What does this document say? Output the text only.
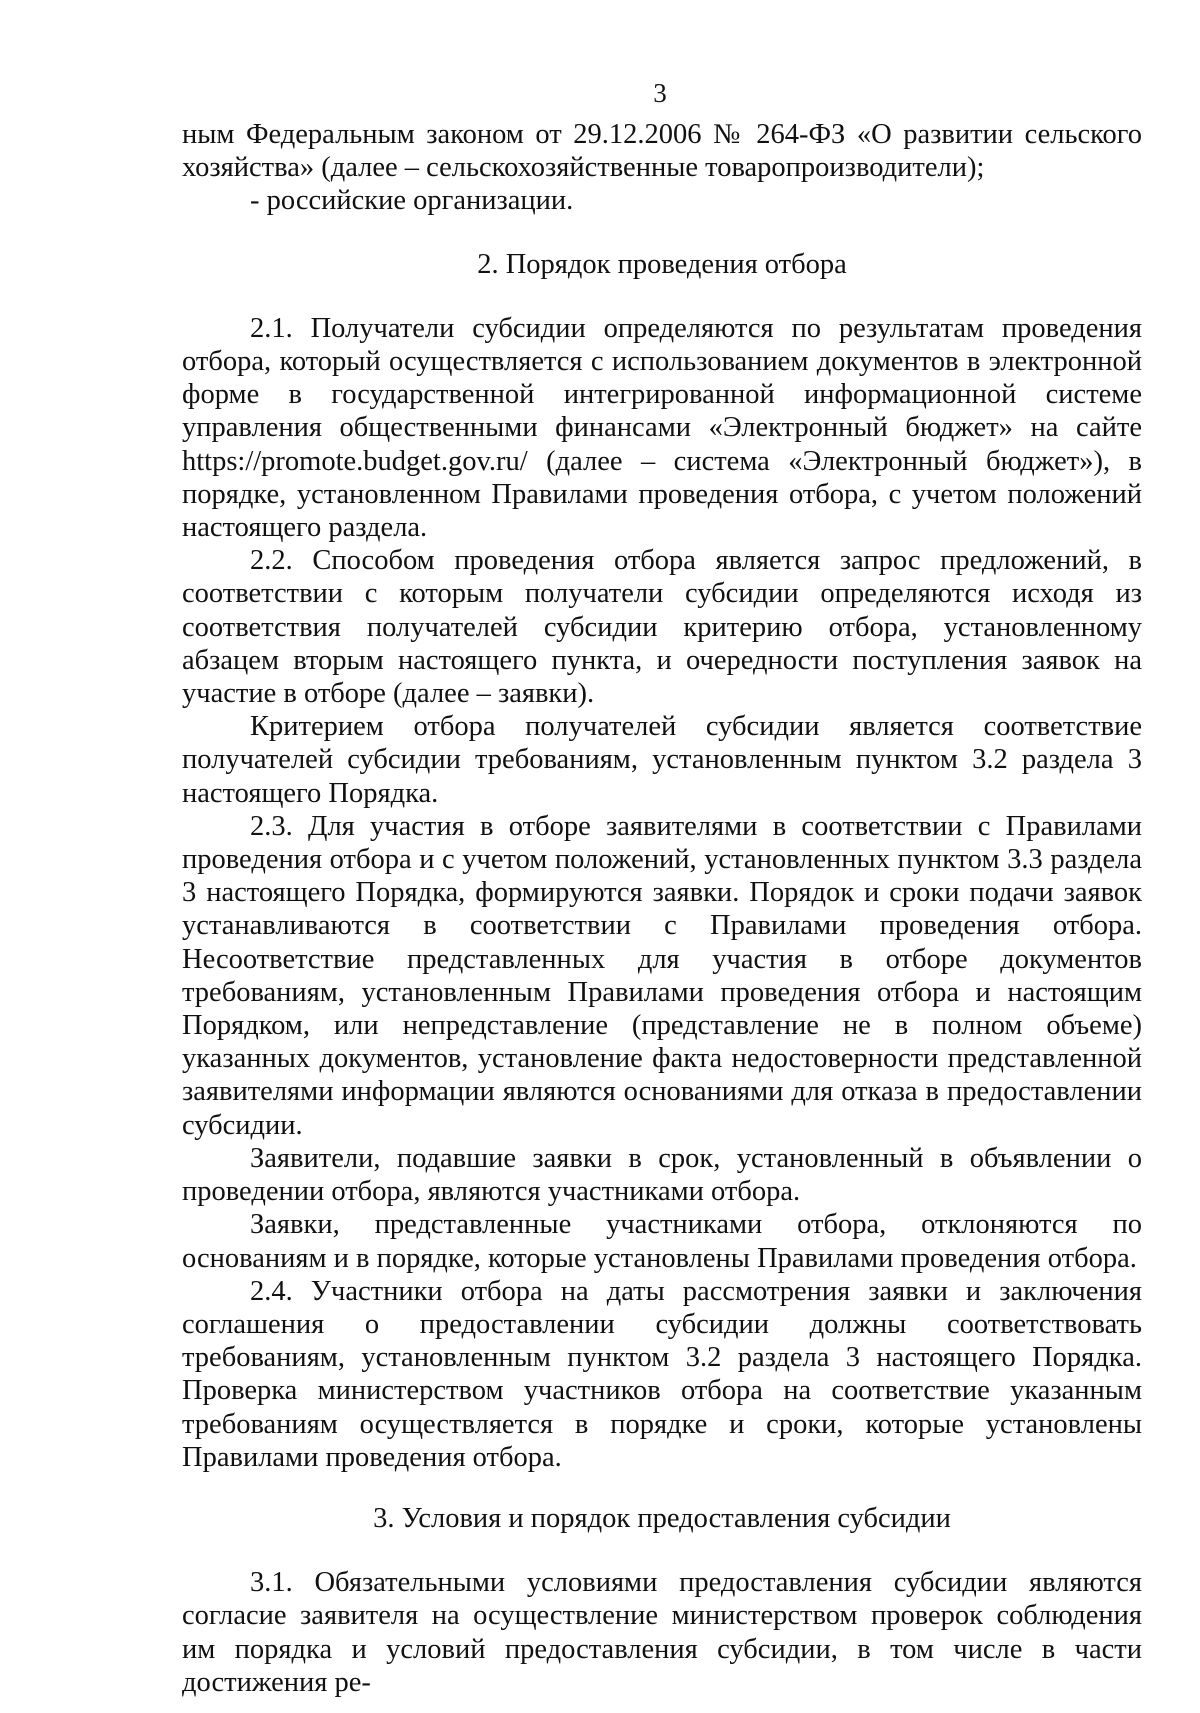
3

ным Федеральным законом от 29.12.2006 № 264-ФЗ «О развитии сельского хозяйства» (далее – сельскохозяйственные товаропроизводители);

- российские организации.

2. Порядок проведения отбора

2.1. Получатели субсидии определяются по результатам проведения отбора, который осуществляется с использованием документов в электронной форме в государственной интегрированной информационной системе управления общественными финансами «Электронный бюджет» на сайте https://promote.budget.gov.ru/ (далее – система «Электронный бюджет»), в порядке, установленном Правилами проведения отбора, с учетом положений настоящего раздела.

2.2. Способом проведения отбора является запрос предложений, в соответствии с которым получатели субсидии определяются исходя из соответствия получателей субсидии критерию отбора, установленному абзацем вторым настоящего пункта, и очередности поступления заявок на участие в отборе (далее – заявки).

Критерием отбора получателей субсидии является соответствие получателей субсидии требованиям, установленным пунктом 3.2 раздела 3 настоящего Порядка.

2.3. Для участия в отборе заявителями в соответствии с Правилами проведения отбора и с учетом положений, установленных пунктом 3.3 раздела 3 настоящего Порядка, формируются заявки. Порядок и сроки подачи заявок устанавливаются в соответствии с Правилами проведения отбора. Несоответствие представленных для участия в отборе документов требованиям, установленным Правилами проведения отбора и настоящим Порядком, или непредставление (представление не в полном объеме) указанных документов, установление факта недостоверности представленной заявителями информации являются основаниями для отказа в предоставлении субсидии.

Заявители, подавшие заявки в срок, установленный в объявлении о проведении отбора, являются участниками отбора.

Заявки, представленные участниками отбора, отклоняются по основаниям и в порядке, которые установлены Правилами проведения отбора.

2.4. Участники отбора на даты рассмотрения заявки и заключения соглашения о предоставлении субсидии должны соответствовать требованиям, установленным пунктом 3.2 раздела 3 настоящего Порядка. Проверка министерством участников отбора на соответствие указанным требованиям осуществляется в порядке и сроки, которые установлены Правилами проведения отбора.

3. Условия и порядок предоставления субсидии

3.1. Обязательными условиями предоставления субсидии являются согласие заявителя на осуществление министерством проверок соблюдения им порядка и условий предоставления субсидии, в том числе в части достижения ре-
